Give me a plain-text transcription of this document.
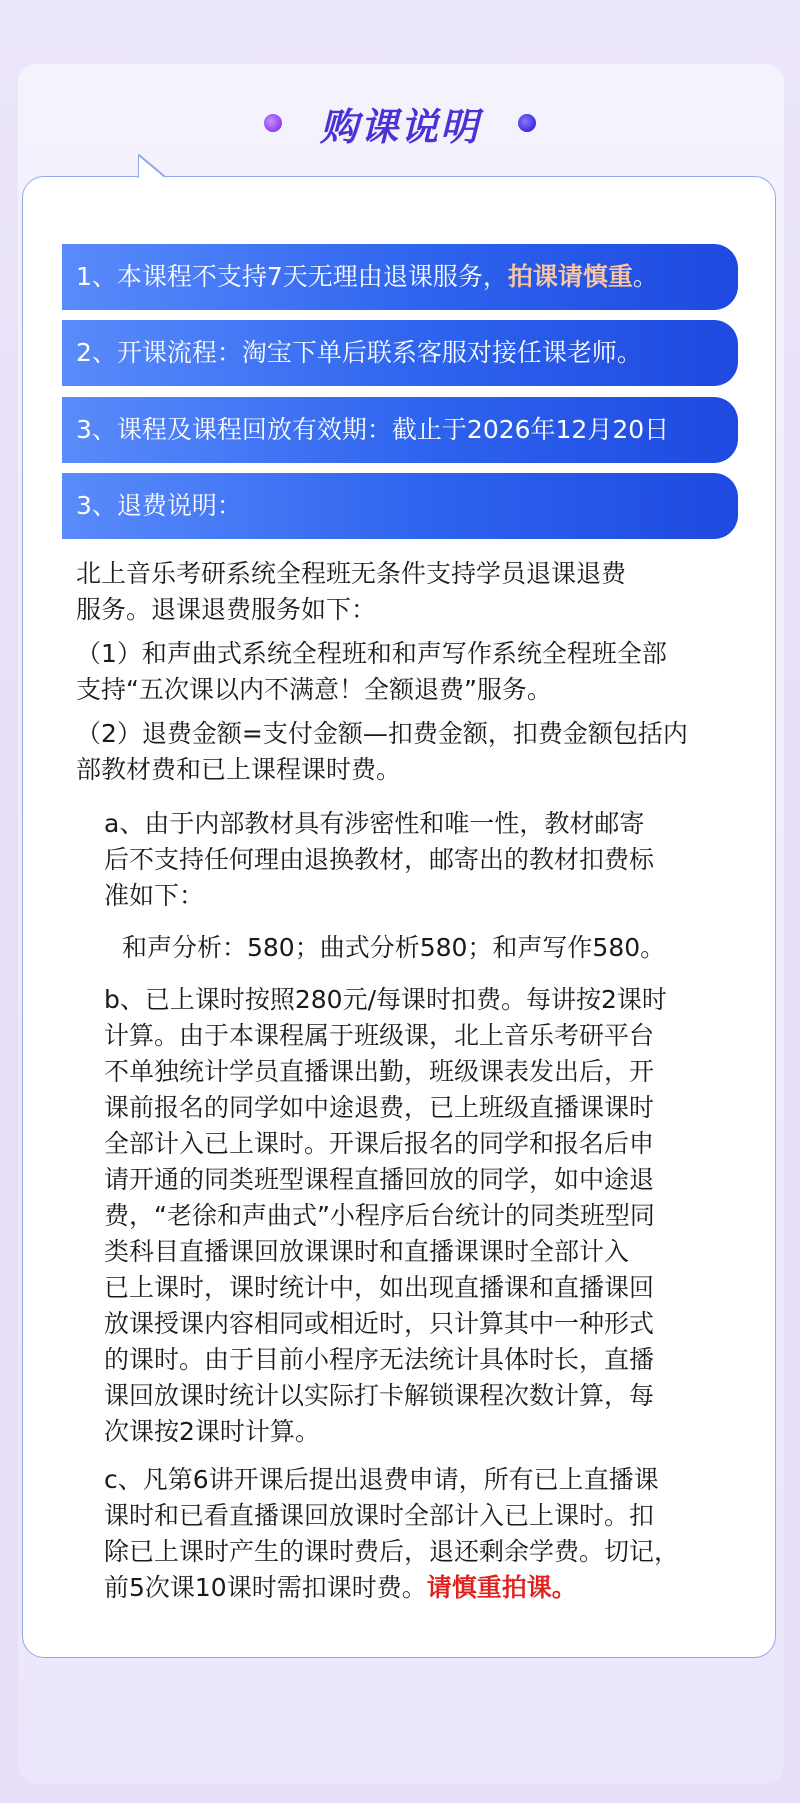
购课说明
1、本课程不支持7天无理由退课服务，拍课请慎重。
2、开课流程：淘宝下单后联系客服对接任课老师。
3、课程及课程回放有效期：截止于2026年12月20日
3、退费说明：

北上音乐考研系统全程班无条件支持学员退课退费
服务。退课退费服务如下：

（1）和声曲式系统全程班和和声写作系统全程班全部
支持“五次课以内不满意！全额退费”服务。

（2）退费金额=支付金额—扣费金额，扣费金额包括内
部教材费和已上课程课时费。

a、由于内部教材具有涉密性和唯一性，教材邮寄
后不支持任何理由退换教材，邮寄出的教材扣费标
准如下：

和声分析：580；曲式分析580；和声写作580。

b、已上课时按照280元/每课时扣费。每讲按2课时
计算。由于本课程属于班级课，北上音乐考研平台
不单独统计学员直播课出勤，班级课表发出后，开
课前报名的同学如中途退费，已上班级直播课课时
全部计入已上课时。开课后报名的同学和报名后申
请开通的同类班型课程直播回放的同学，如中途退
费，“老徐和声曲式”小程序后台统计的同类班型同
类科目直播课回放课课时和直播课课时全部计入
已上课时，课时统计中，如出现直播课和直播课回
放课授课内容相同或相近时，只计算其中一种形式
的课时。由于目前小程序无法统计具体时长，直播
课回放课时统计以实际打卡解锁课程次数计算，每
次课按2课时计算。

c、凡第6讲开课后提出退费申请，所有已上直播课
课时和已看直播课回放课时全部计入已上课时。扣
除已上课时产生的课时费后，退还剩余学费。切记，
前5次课10课时需扣课时费。请慎重拍课。
